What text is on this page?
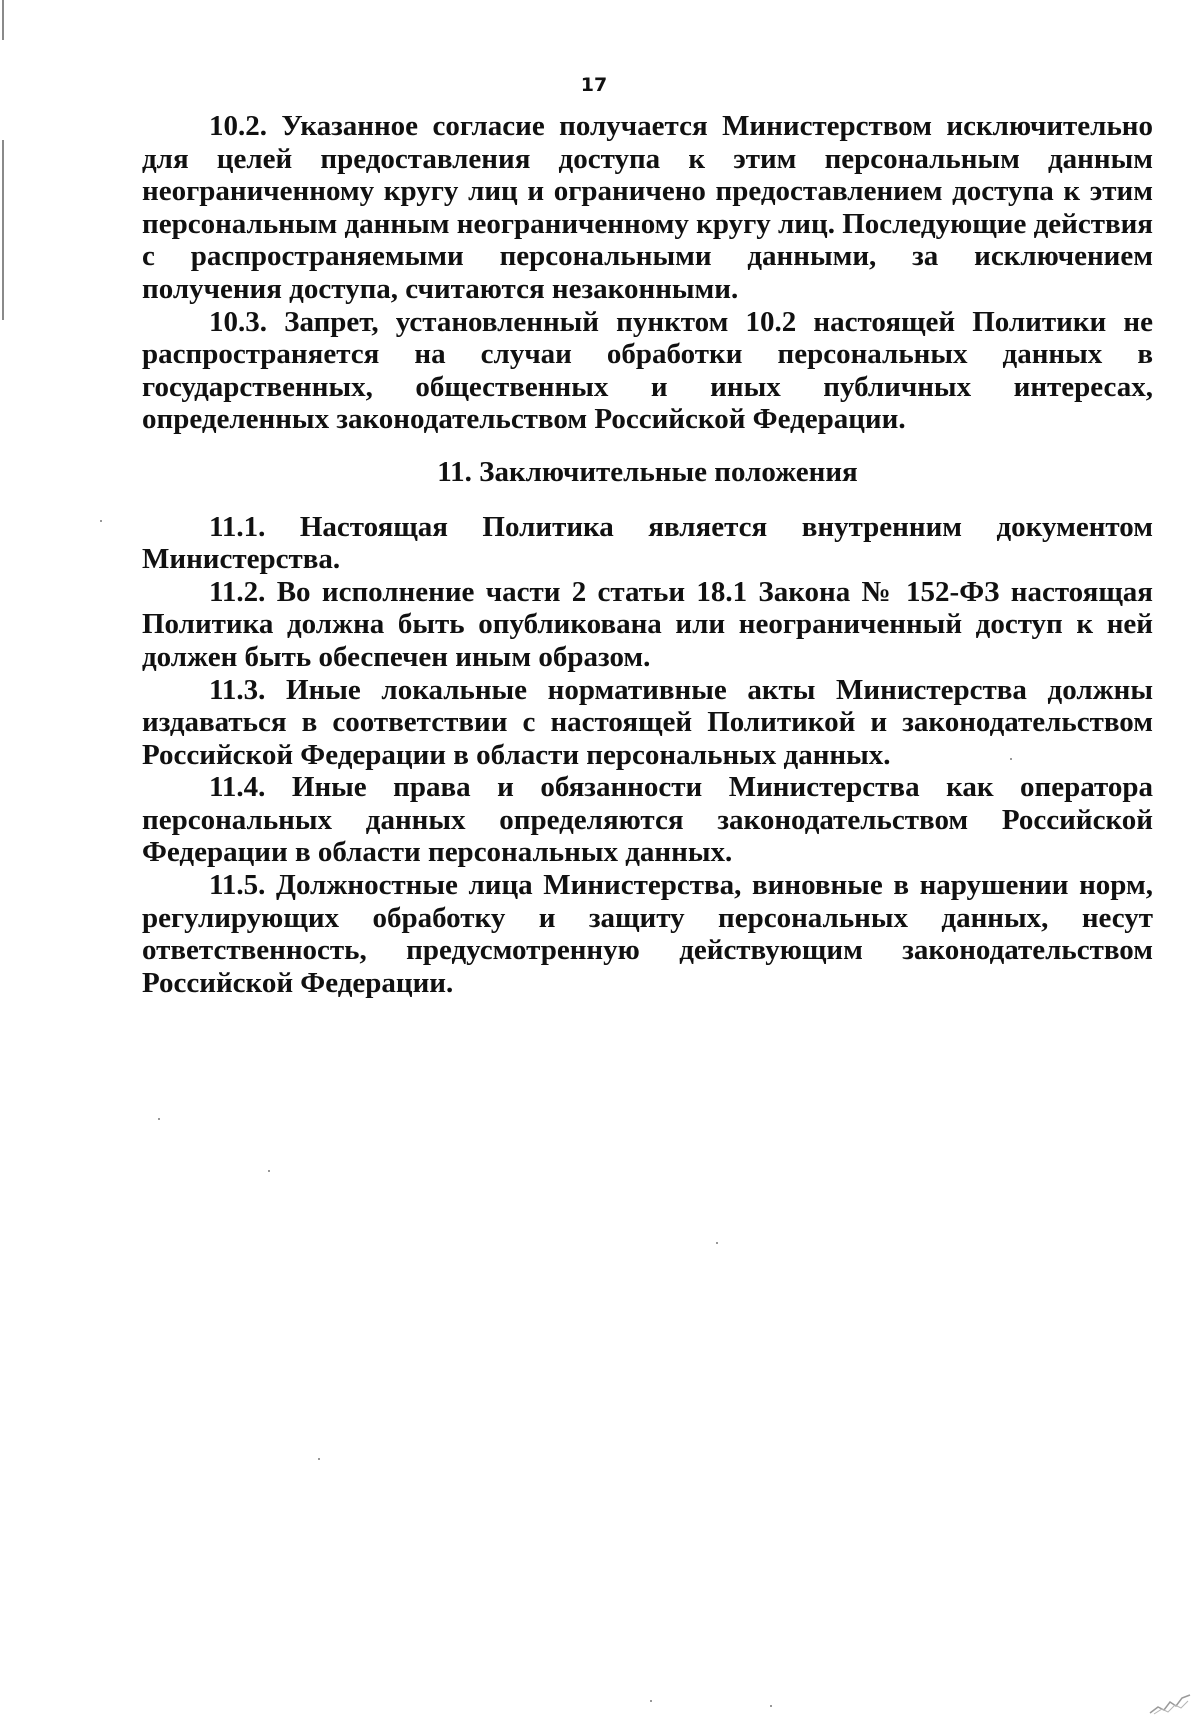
17

10.2. Указанное согласие получается Министерством исключительно для целей предоставления доступа к этим персональным данным неограниченному кругу лиц и ограничено предоставлением доступа к этим персональным данным неограниченному кругу лиц. Последующие действия с распространяемыми персональными данными, за исключением получения доступа, считаются незаконными.

10.3. Запрет, установленный пунктом 10.2 настоящей Политики не распространяется на случаи обработки персональных данных в государственных, общественных и иных публичных интересах, определенных законодательством Российской Федерации.

11. Заключительные положения

11.1. Настоящая Политика является внутренним документом Министерства.

11.2. Во исполнение части 2 статьи 18.1 Закона № 152-ФЗ настоящая Политика должна быть опубликована или неограниченный доступ к ней должен быть обеспечен иным образом.

11.3. Иные локальные нормативные акты Министерства должны издаваться в соответствии с настоящей Политикой и законодательством Российской Федерации в области персональных данных.

11.4. Иные права и обязанности Министерства как оператора персональных данных определяются законодательством Российской Федерации в области персональных данных.

11.5. Должностные лица Министерства, виновные в нарушении норм, регулирующих обработку и защиту персональных данных, несут ответственность, предусмотренную действующим законодательством Российской Федерации.
